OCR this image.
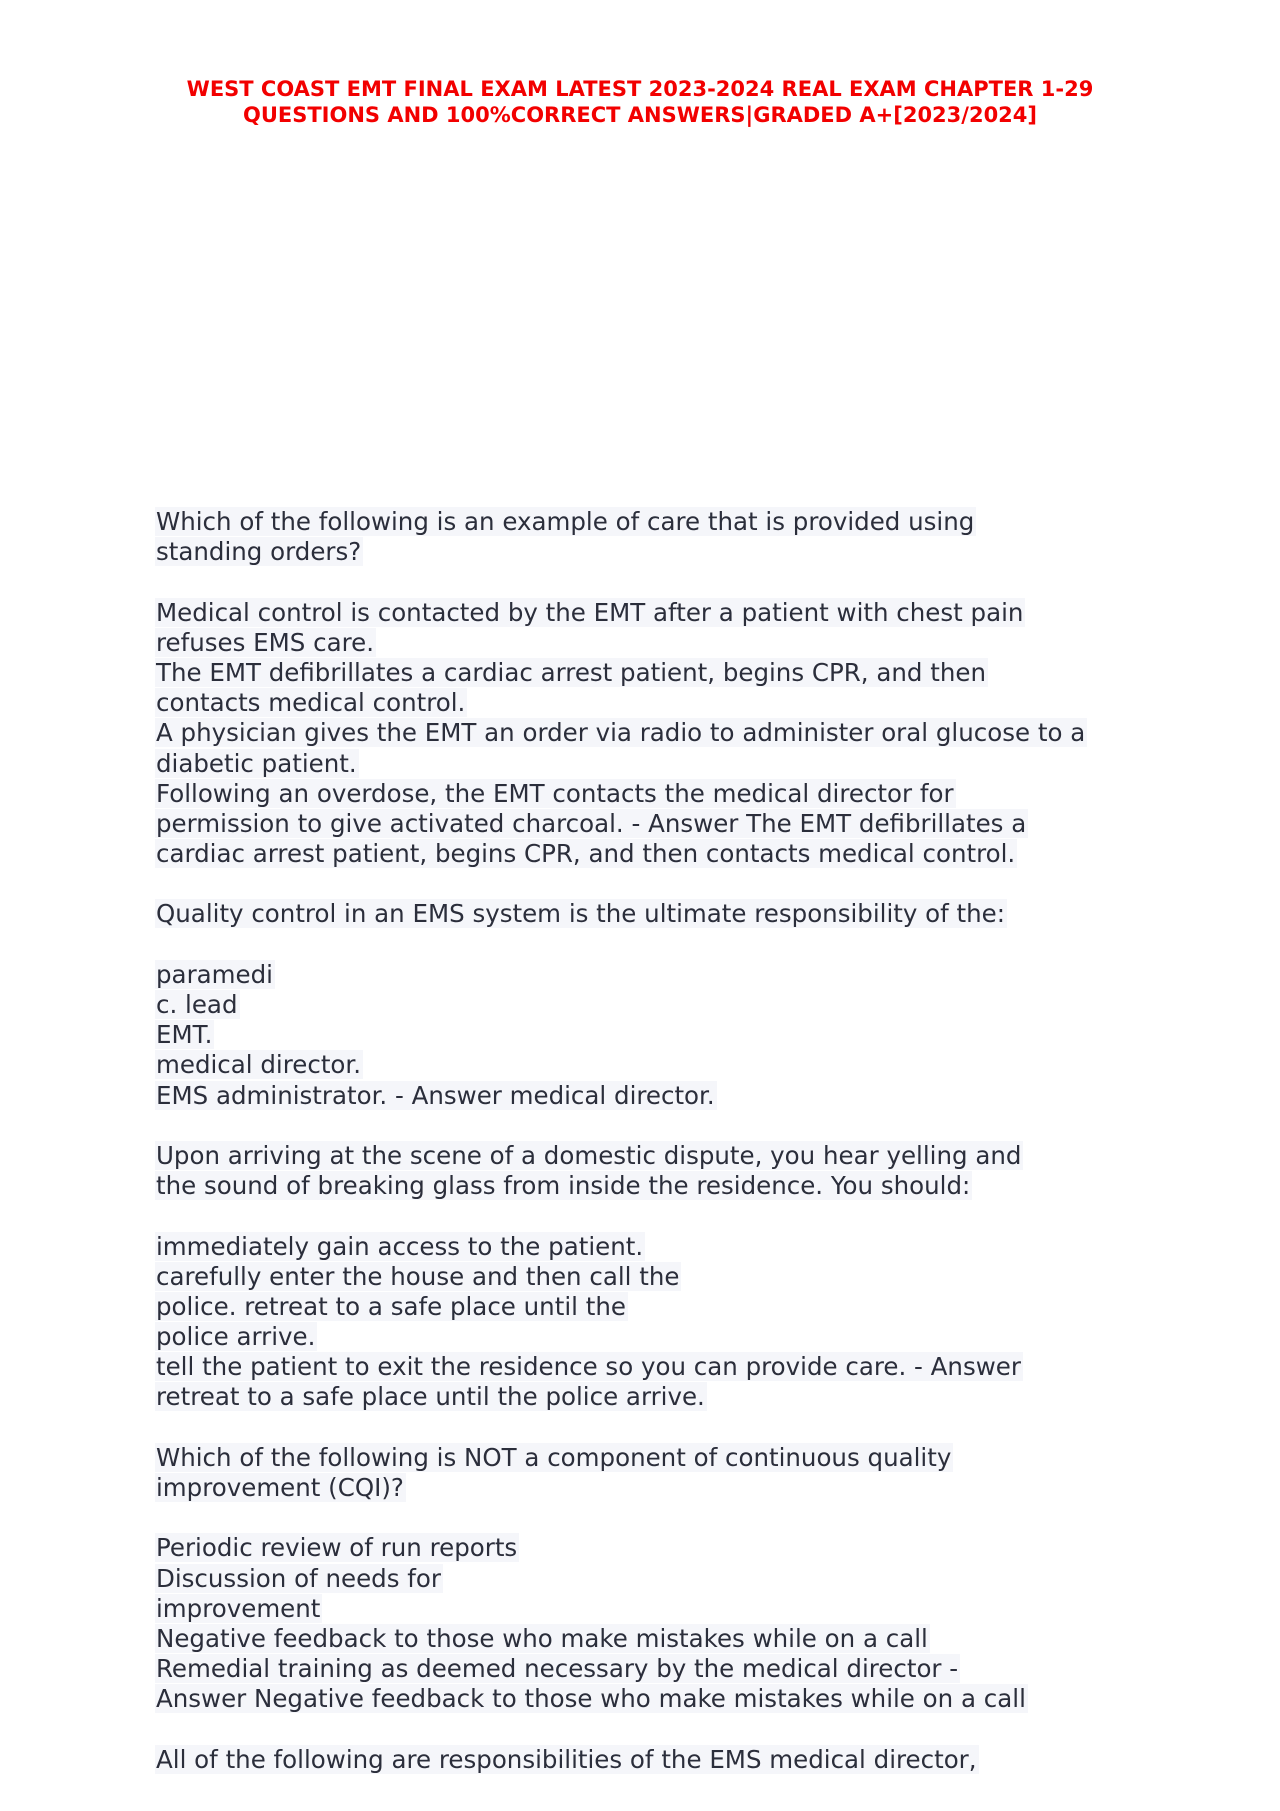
WEST COAST EMT FINAL EXAM LATEST 2023-2024 REAL EXAM CHAPTER 1-29
QUESTIONS AND 100%CORRECT ANSWERS|GRADED A+[2023/2024]
Which of the following is an example of care that is provided using
standing orders?
Medical control is contacted by the EMT after a patient with chest pain
refuses EMS care.
The EMT defibrillates a cardiac arrest patient, begins CPR, and then
contacts medical control.
A physician gives the EMT an order via radio to administer oral glucose to a
diabetic patient.
Following an overdose, the EMT contacts the medical director for
permission to give activated charcoal. - Answer The EMT defibrillates a
cardiac arrest patient, begins CPR, and then contacts medical control.
Quality control in an EMS system is the ultimate responsibility of the:
paramedi
c. lead
EMT.
medical director.
EMS administrator. - Answer medical director.
Upon arriving at the scene of a domestic dispute, you hear yelling and
the sound of breaking glass from inside the residence. You should:
immediately gain access to the patient.
carefully enter the house and then call the
police. retreat to a safe place until the
police arrive.
tell the patient to exit the residence so you can provide care. - Answer
retreat to a safe place until the police arrive.
Which of the following is NOT a component of continuous quality
improvement (CQI)?
Periodic review of run reports
Discussion of needs for
improvement
Negative feedback to those who make mistakes while on a call
Remedial training as deemed necessary by the medical director -
Answer Negative feedback to those who make mistakes while on a call
All of the following are responsibilities of the EMS medical director,
